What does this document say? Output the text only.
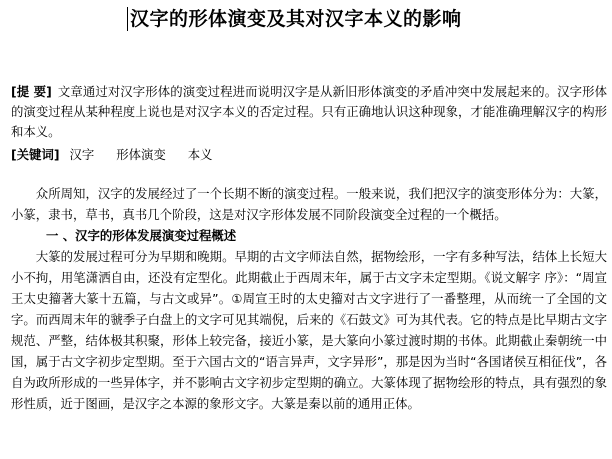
汉字的形体演变及其对汉字本义的影响
[提 要] 文章通过对汉字形体的演变过程进而说明汉字是从新旧形体演变的矛盾冲突中发展起来的。汉字形体的演变过程从某种程度上说也是对汉字本义的否定过程。只有正确地认识这种现象，才能准确理解汉字的构形和本义。
[关键词] 汉字 形体演变 本义

众所周知，汉字的发展经过了一个长期不断的演变过程。一般来说，我们把汉字的演变形体分为：大篆，小篆，隶书，草书，真书几个阶段，这是对汉字形体发展不同阶段演变全过程的一个概括。

一 、汉字的形体发展演变过程概述

大篆的发展过程可分为早期和晚期。早期的古文字师法自然，据物绘形，一字有多种写法，结体上长短大小不拘，用笔潇洒自由，还没有定型化。此期截止于西周末年，属于古文字未定型期。《说文解字 序》：“周宣王太史籀著大篆十五篇，与古文或异”。①周宣王时的太史籀对古文字进行了一番整理，从而统一了全国的文字。而西周末年的虢季子白盘上的文字可见其端倪，后来的《石鼓文》可为其代表。它的特点是比早期古文字规范、严整，结体极其积聚，形体上较完备，接近小篆，是大篆向小篆过渡时期的书体。此期截止秦朝统一中国，属于古文字初步定型期。至于六国古文的“语言异声，文字异形”，那是因为当时“各国诸侯互相征伐”，各自为政所形成的一些异体字，并不影响古文字初步定型期的确立。大篆体现了据物绘形的特点，具有强烈的象形性质，近于图画，是汉字之本源的象形文字。大篆是秦以前的通用正体。
